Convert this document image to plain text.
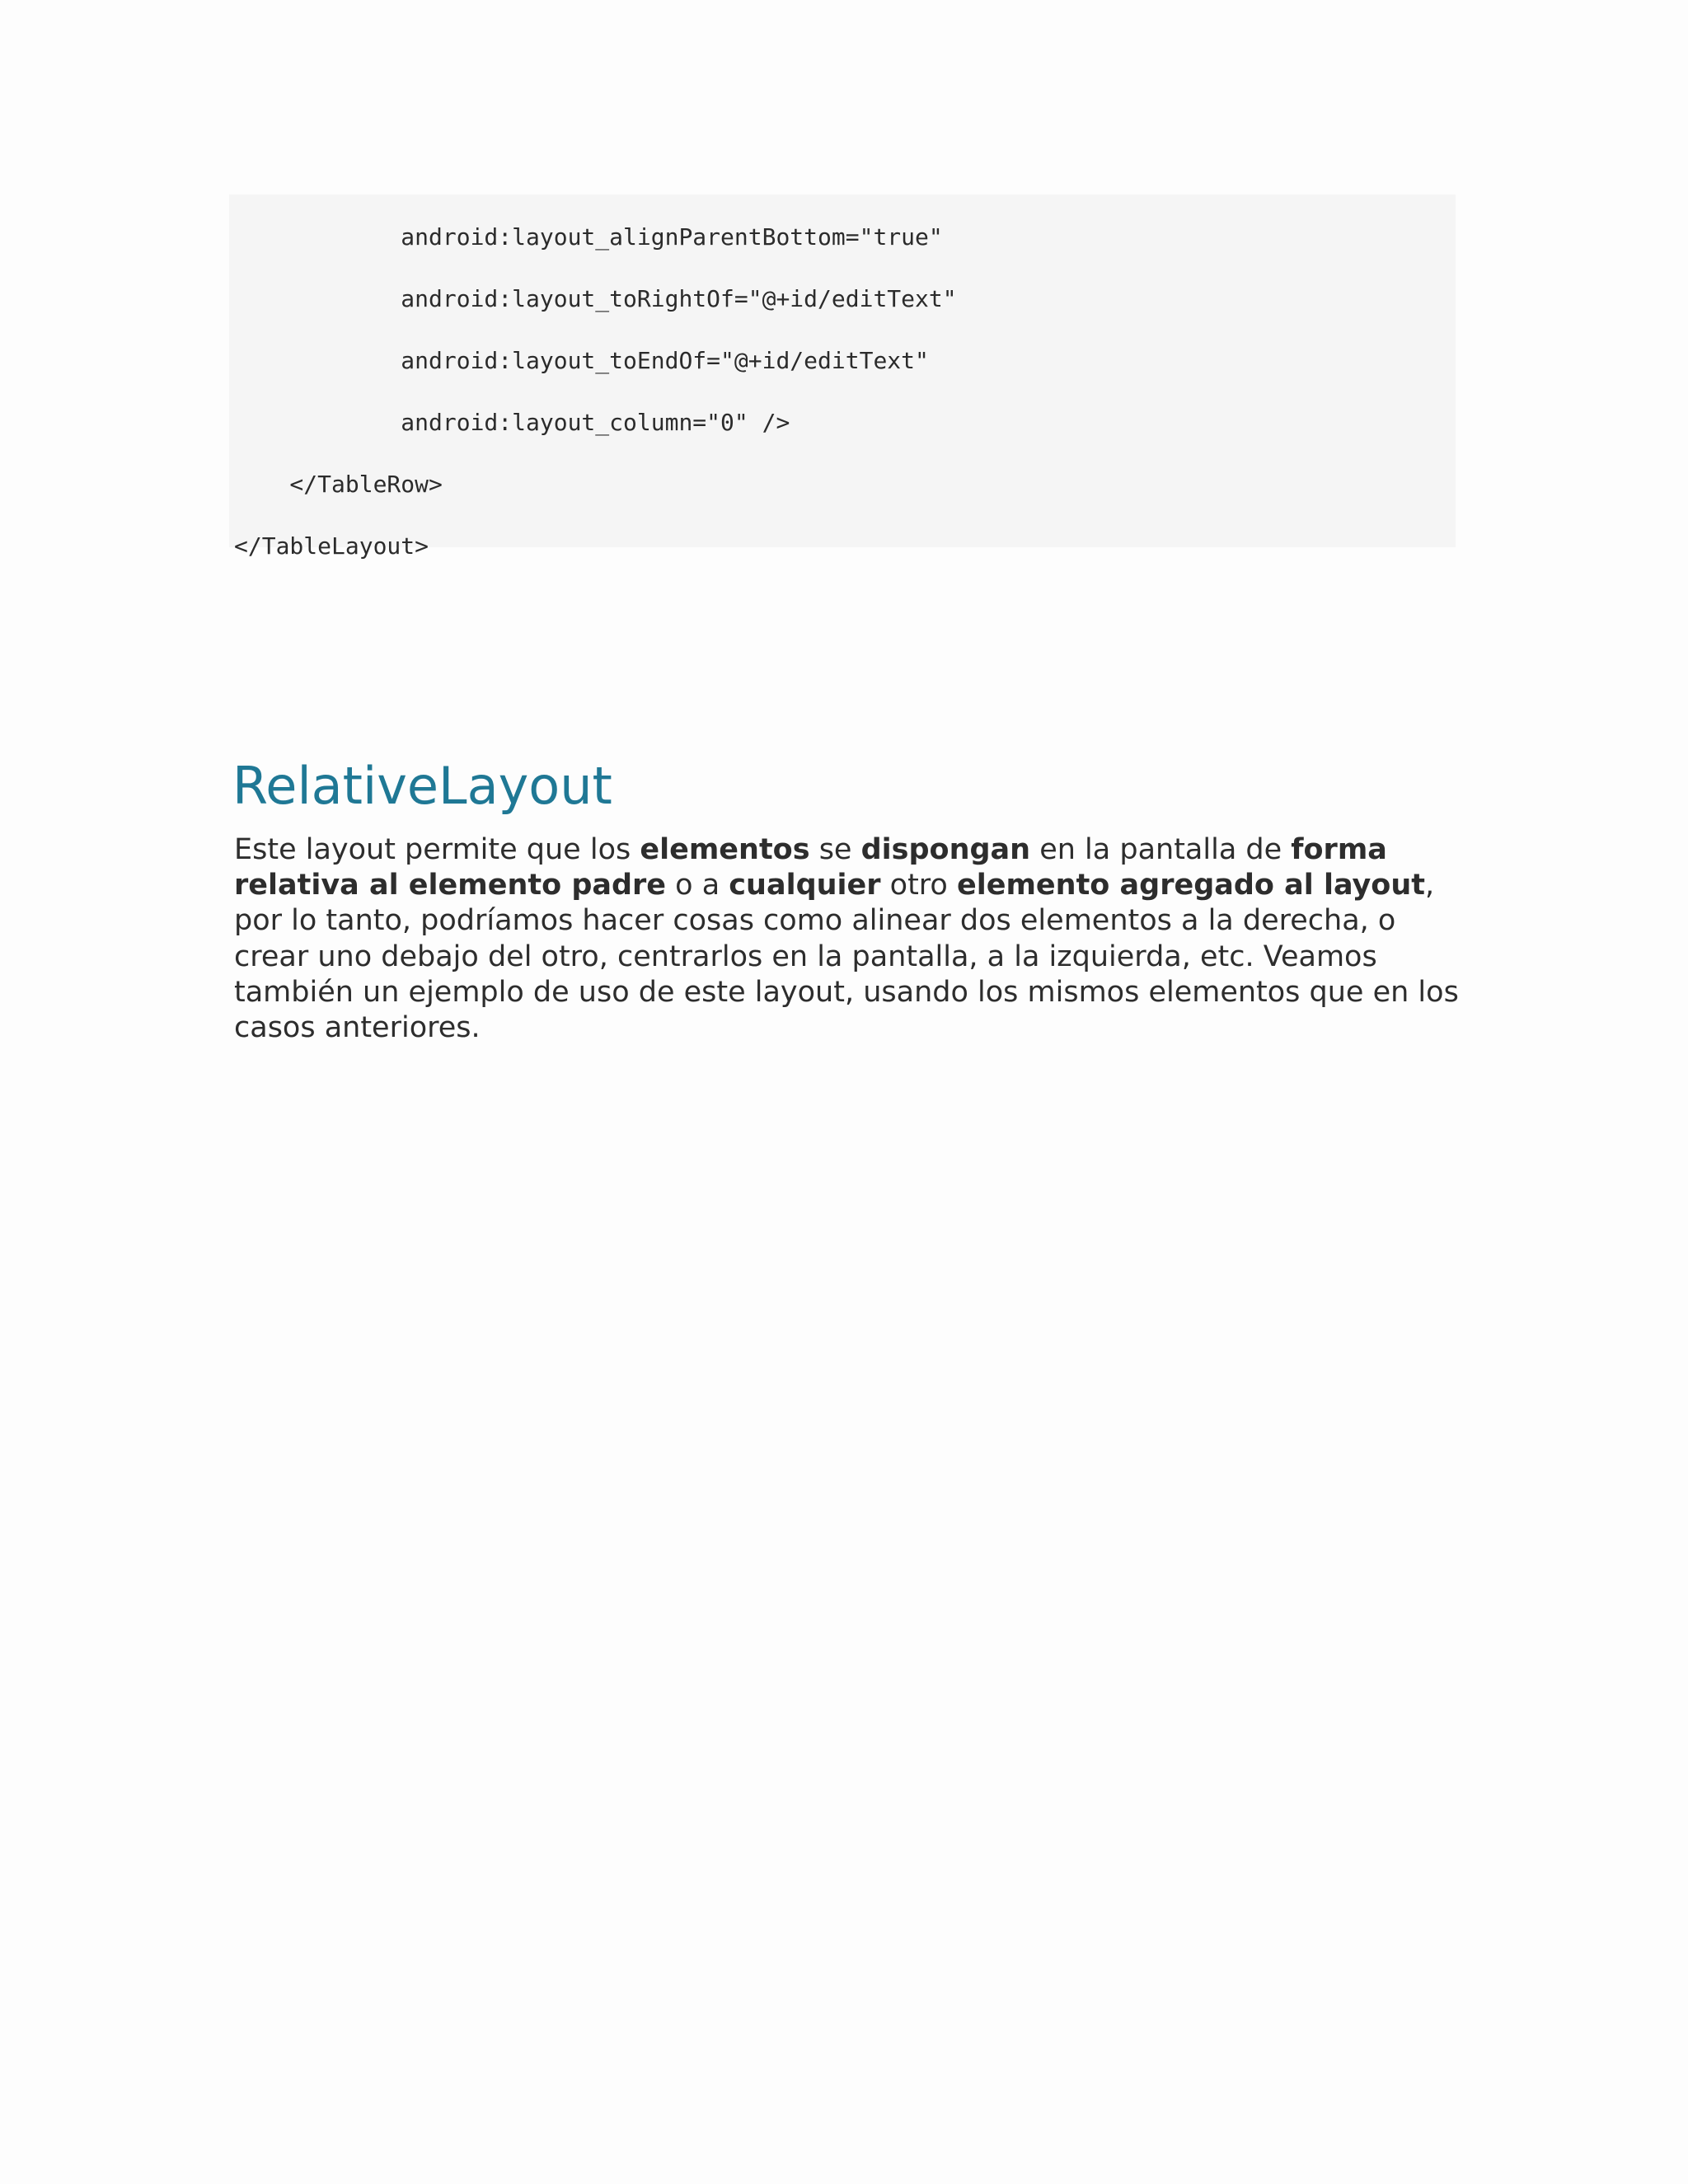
android:layout_alignParentBottom="true"
android:layout_toRightOf="@+id/editText"
android:layout_toEndOf="@+id/editText"
android:layout_column="0" />
</TableRow>
</TableLayout>
RelativeLayout

Este layout permite que los elementos se dispongan en la pantalla de forma relativa al elemento padre o a cualquier otro elemento agregado al layout, por lo tanto, podríamos hacer cosas como alinear dos elementos a la derecha, o crear uno debajo del otro, centrarlos en la pantalla, a la izquierda, etc. Veamos también un ejemplo de uso de este layout, usando los mismos elementos que en los casos anteriores.
